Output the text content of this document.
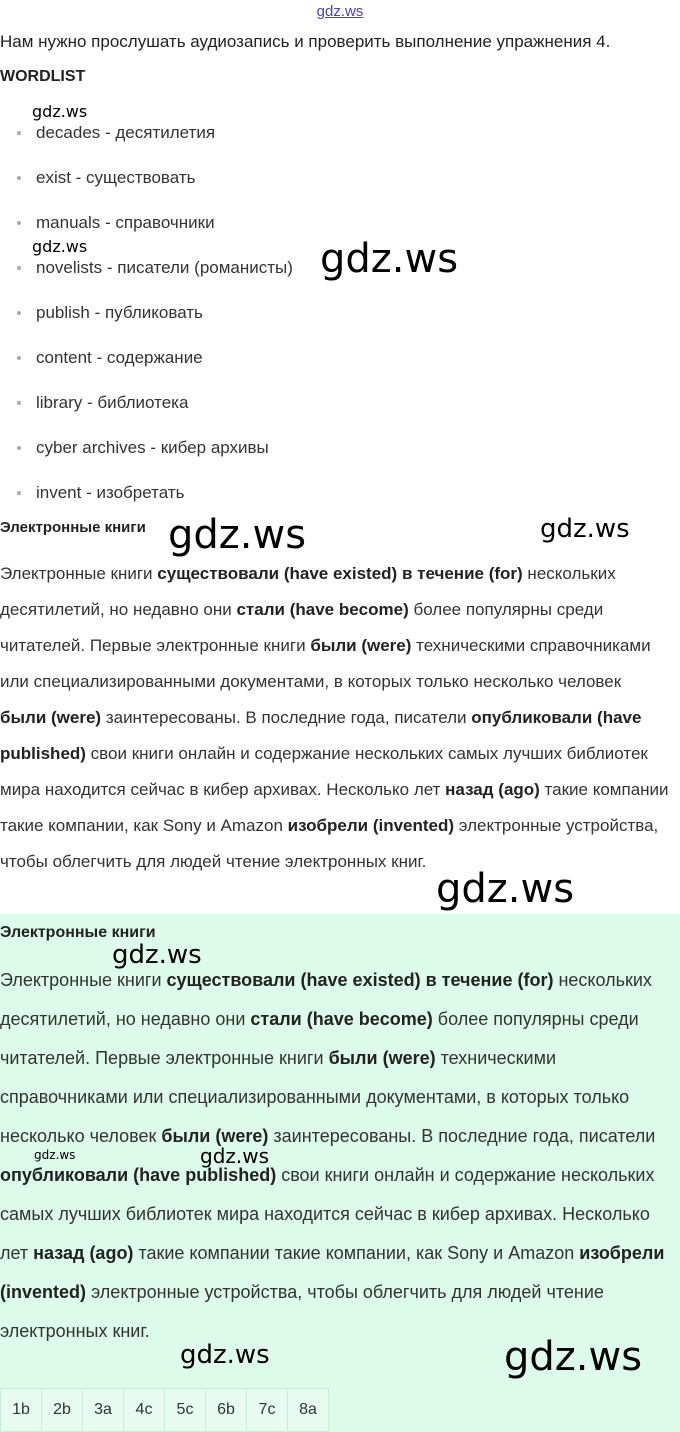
gdz.ws
Нам нужно прослушать аудиозапись и проверить выполнение упражнения 4.
WORDLIST
decades - десятилетия
exist - существовать
manuals - справочники
novelists - писатели (романисты)
publish - публиковать
content - содержание
library - библиотека
cyber archives - кибер архивы
invent - изобретать
Электронные книги
Электронные книги существовали (have existed) в течение (for) нескольких десятилетий, но недавно они стали (have become) более популярны среди читателей. Первые электронные книги были (were) техническими справочниками или специализированными документами, в которых только несколько человек были (were) заинтересованы. В последние года, писатели опубликовали (have published) свои книги онлайн и содержание нескольких самых лучших библиотек мира находится сейчас в кибер архивах. Несколько лет назад (ago) такие компании такие компании, как Sony и Amazon изобрели (invented) электронные устройства, чтобы облегчить для людей чтение электронных книг.
Электронные книги
Электронные книги существовали (have existed) в течение (for) нескольких десятилетий, но недавно они стали (have become) более популярны среди читателей. Первые электронные книги были (were) техническими справочниками или специализированными документами, в которых только несколько человек были (were) заинтересованы. В последние года, писатели опубликовали (have published) свои книги онлайн и содержание нескольких самых лучших библиотек мира находится сейчас в кибер архивах. Несколько лет назад (ago) такие компании такие компании, как Sony и Amazon изобрели (invented) электронные устройства, чтобы облегчить для людей чтение электронных книг.
1b	2b	3a	4c	5c	6b	7c	8a
gdz.ws
gdz.ws	gdz.ws
gdz.ws	gdz.ws
gdz.ws
gdz.ws
gdz.ws	gdz.ws
gdz.ws	gdz.ws
